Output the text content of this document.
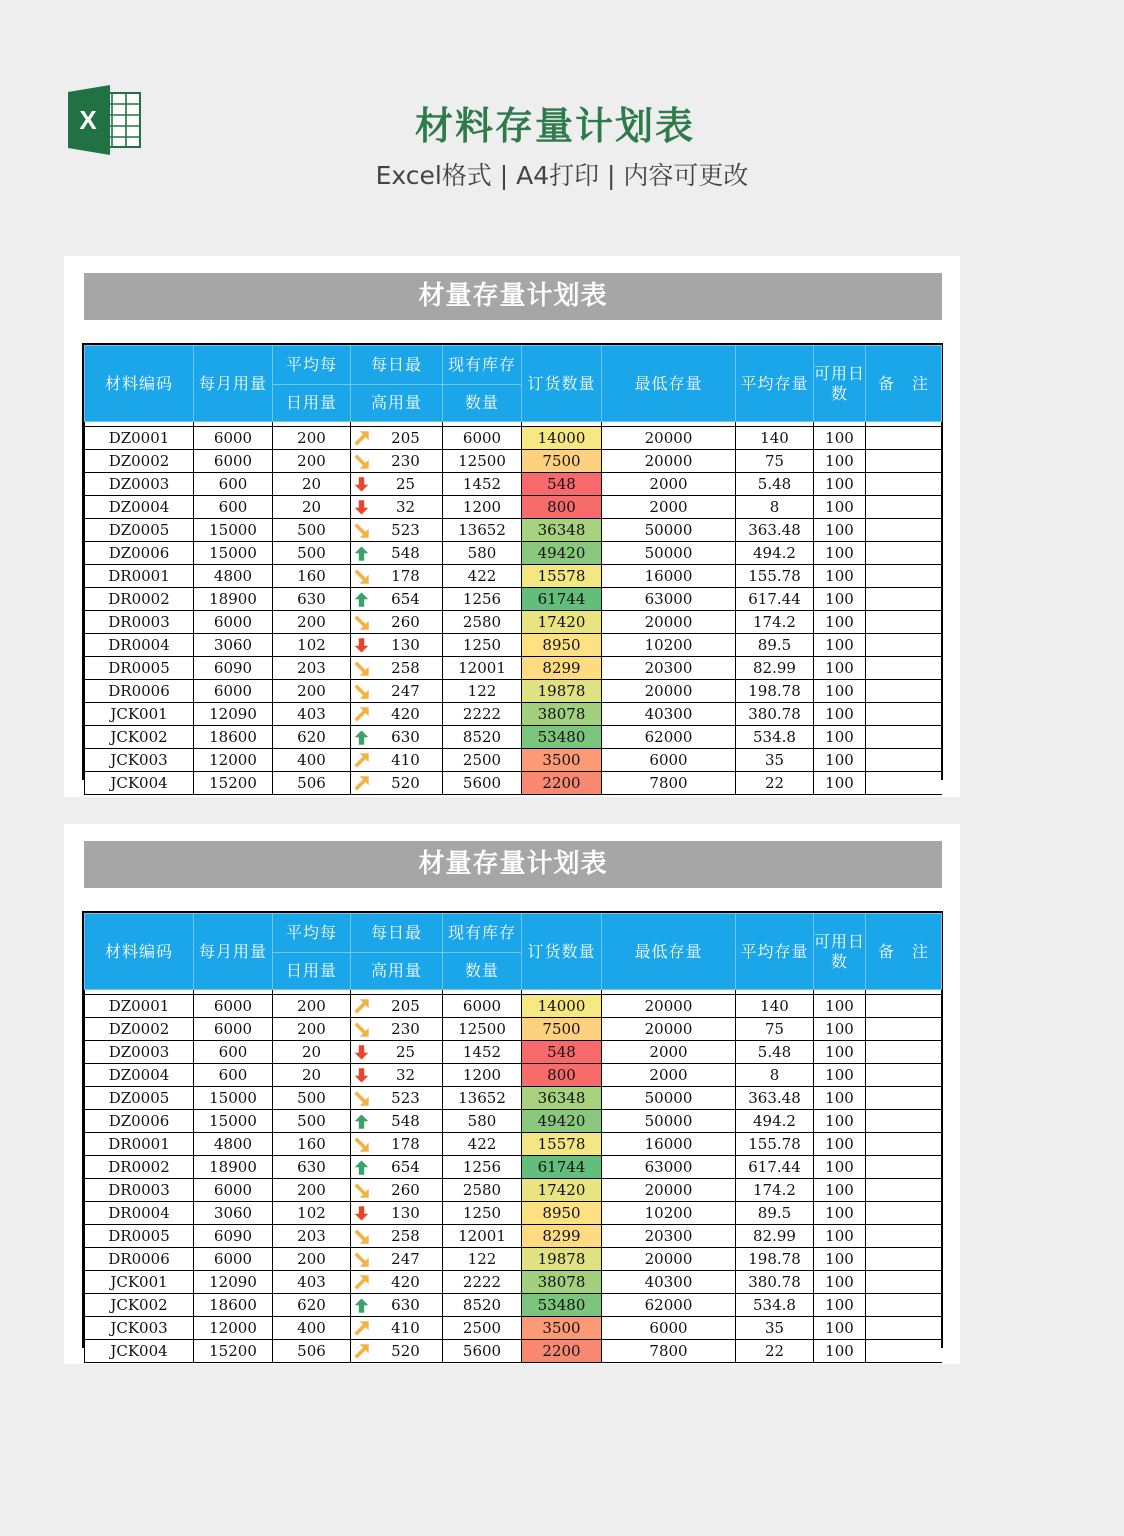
X	材料存量计划表
Excel格式 | A4打印 | 内容可更改
材量存量计划表
材料编码	每月用量	平均每	每日最	现有库存	订货数量	最低存量	平均存量	可用日数	备　注
		日用量	高用量	数量					

DZ0001	6000	200	205	6000	14000	20000	140	100	
DZ0002	6000	200	230	12500	7500	20000	75	100	
DZ0003	600	20	25	1452	548	2000	5.48	100	
DZ0004	600	20	32	1200	800	2000	8	100	
DZ0005	15000	500	523	13652	36348	50000	363.48	100	
DZ0006	15000	500	548	580	49420	50000	494.2	100	
DR0001	4800	160	178	422	15578	16000	155.78	100	
DR0002	18900	630	654	1256	61744	63000	617.44	100	
DR0003	6000	200	260	2580	17420	20000	174.2	100	
DR0004	3060	102	130	1250	8950	10200	89.5	100	
DR0005	6090	203	258	12001	8299	20300	82.99	100	
DR0006	6000	200	247	122	19878	20000	198.78	100	
JCK001	12090	403	420	2222	38078	40300	380.78	100	
JCK002	18600	620	630	8520	53480	62000	534.8	100	
JCK003	12000	400	410	2500	3500	6000	35	100	
JCK004	15200	506	520	5600	2200	7800	22	100	
材量存量计划表
材料编码	每月用量	平均每	每日最	现有库存	订货数量	最低存量	平均存量	可用日数	备　注
		日用量	高用量	数量					

DZ0001	6000	200	205	6000	14000	20000	140	100	
DZ0002	6000	200	230	12500	7500	20000	75	100	
DZ0003	600	20	25	1452	548	2000	5.48	100	
DZ0004	600	20	32	1200	800	2000	8	100	
DZ0005	15000	500	523	13652	36348	50000	363.48	100	
DZ0006	15000	500	548	580	49420	50000	494.2	100	
DR0001	4800	160	178	422	15578	16000	155.78	100	
DR0002	18900	630	654	1256	61744	63000	617.44	100	
DR0003	6000	200	260	2580	17420	20000	174.2	100	
DR0004	3060	102	130	1250	8950	10200	89.5	100	
DR0005	6090	203	258	12001	8299	20300	82.99	100	
DR0006	6000	200	247	122	19878	20000	198.78	100	
JCK001	12090	403	420	2222	38078	40300	380.78	100	
JCK002	18600	620	630	8520	53480	62000	534.8	100	
JCK003	12000	400	410	2500	3500	6000	35	100	
JCK004	15200	506	520	5600	2200	7800	22	100	
